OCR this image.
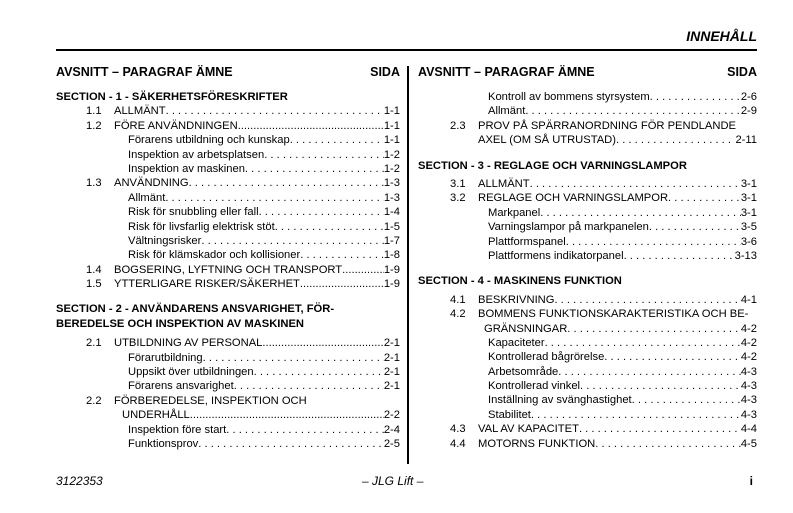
INNEHÅLL
AVSNITT – PARAGRAF ÄMNE	SIDA
SECTION - 1 - SÄKERHETSFÖRESKRIFTER
1.1 ALLMÄNT . . .	1-1
1.2 FÖRE ANVÄNDNINGEN .....	1-1
Förarens utbildning och kunskap . . .	1-1
Inspektion av arbetsplatsen . . .	1-2
Inspektion av maskinen . . .	1-2
1.3 ANVÄNDNING . . .	1-3
Allmänt . . .	1-3
Risk för snubbling eller fall . . .	1-4
Risk för livsfarlig elektrisk stöt . . .	1-5
Vältningsrisker . . .	1-7
Risk för klämskador och kollisioner . . .	1-8
1.4 BOGSERING, LYFTNING OCH TRANSPORT .....	1-9
1.5 YTTERLIGARE RISKER/SÄKERHET .....	1-9
SECTION - 2 - ANVÄNDARENS ANSVARIGHET, FÖR-
BEREDELSE OCH INSPEKTION AV MASKINEN
2.1 UTBILDNING AV PERSONAL .....	2-1
Förarutbildning . . .	2-1
Uppsikt över utbildningen . . .	2-1
Förarens ansvarighet . . .	2-1
2.2 FÖRBEREDELSE, INSPEKTION OCH
UNDERHÅLL .....	2-2
Inspektion före start . . .	2-4
Funktionsprov . . .	2-5
AVSNITT – PARAGRAF ÄMNE	SIDA
Kontroll av bommens styrsystem . . .	2-6
Allmänt . . .	2-9
2.3 PROV PÅ SPÄRRANORDNING FÖR PENDLANDE
AXEL (OM SÅ UTRUSTAD) . . .	2-11
SECTION - 3 - REGLAGE OCH VARNINGSLAMPOR
3.1 ALLMÄNT . . .	3-1
3.2 REGLAGE OCH VARNINGSLAMPOR . . .	3-1
Markpanel . . .	3-1
Varningslampor på markpanelen . . .	3-5
Plattformspanel . . .	3-6
Plattformens indikatorpanel . . .	3-13
SECTION - 4 - MASKINENS FUNKTION
4.1 BESKRIVNING . . .	4-1
4.2 BOMMENS FUNKTIONSKARAKTERISTIKA OCH BE-
GRÄNSNINGAR . . .	4-2
Kapaciteter . . .	4-2
Kontrollerad bågrörelse . . .	4-2
Arbetsområde . . .	4-3
Kontrollerad vinkel . . .	4-3
Inställning av svänghastighet . . .	4-3
Stabilitet . . .	4-3
4.3 VAL AV KAPACITET . . .	4-4
4.4 MOTORNS FUNKTION . . .	4-5
3122353	– JLG Lift –	i
